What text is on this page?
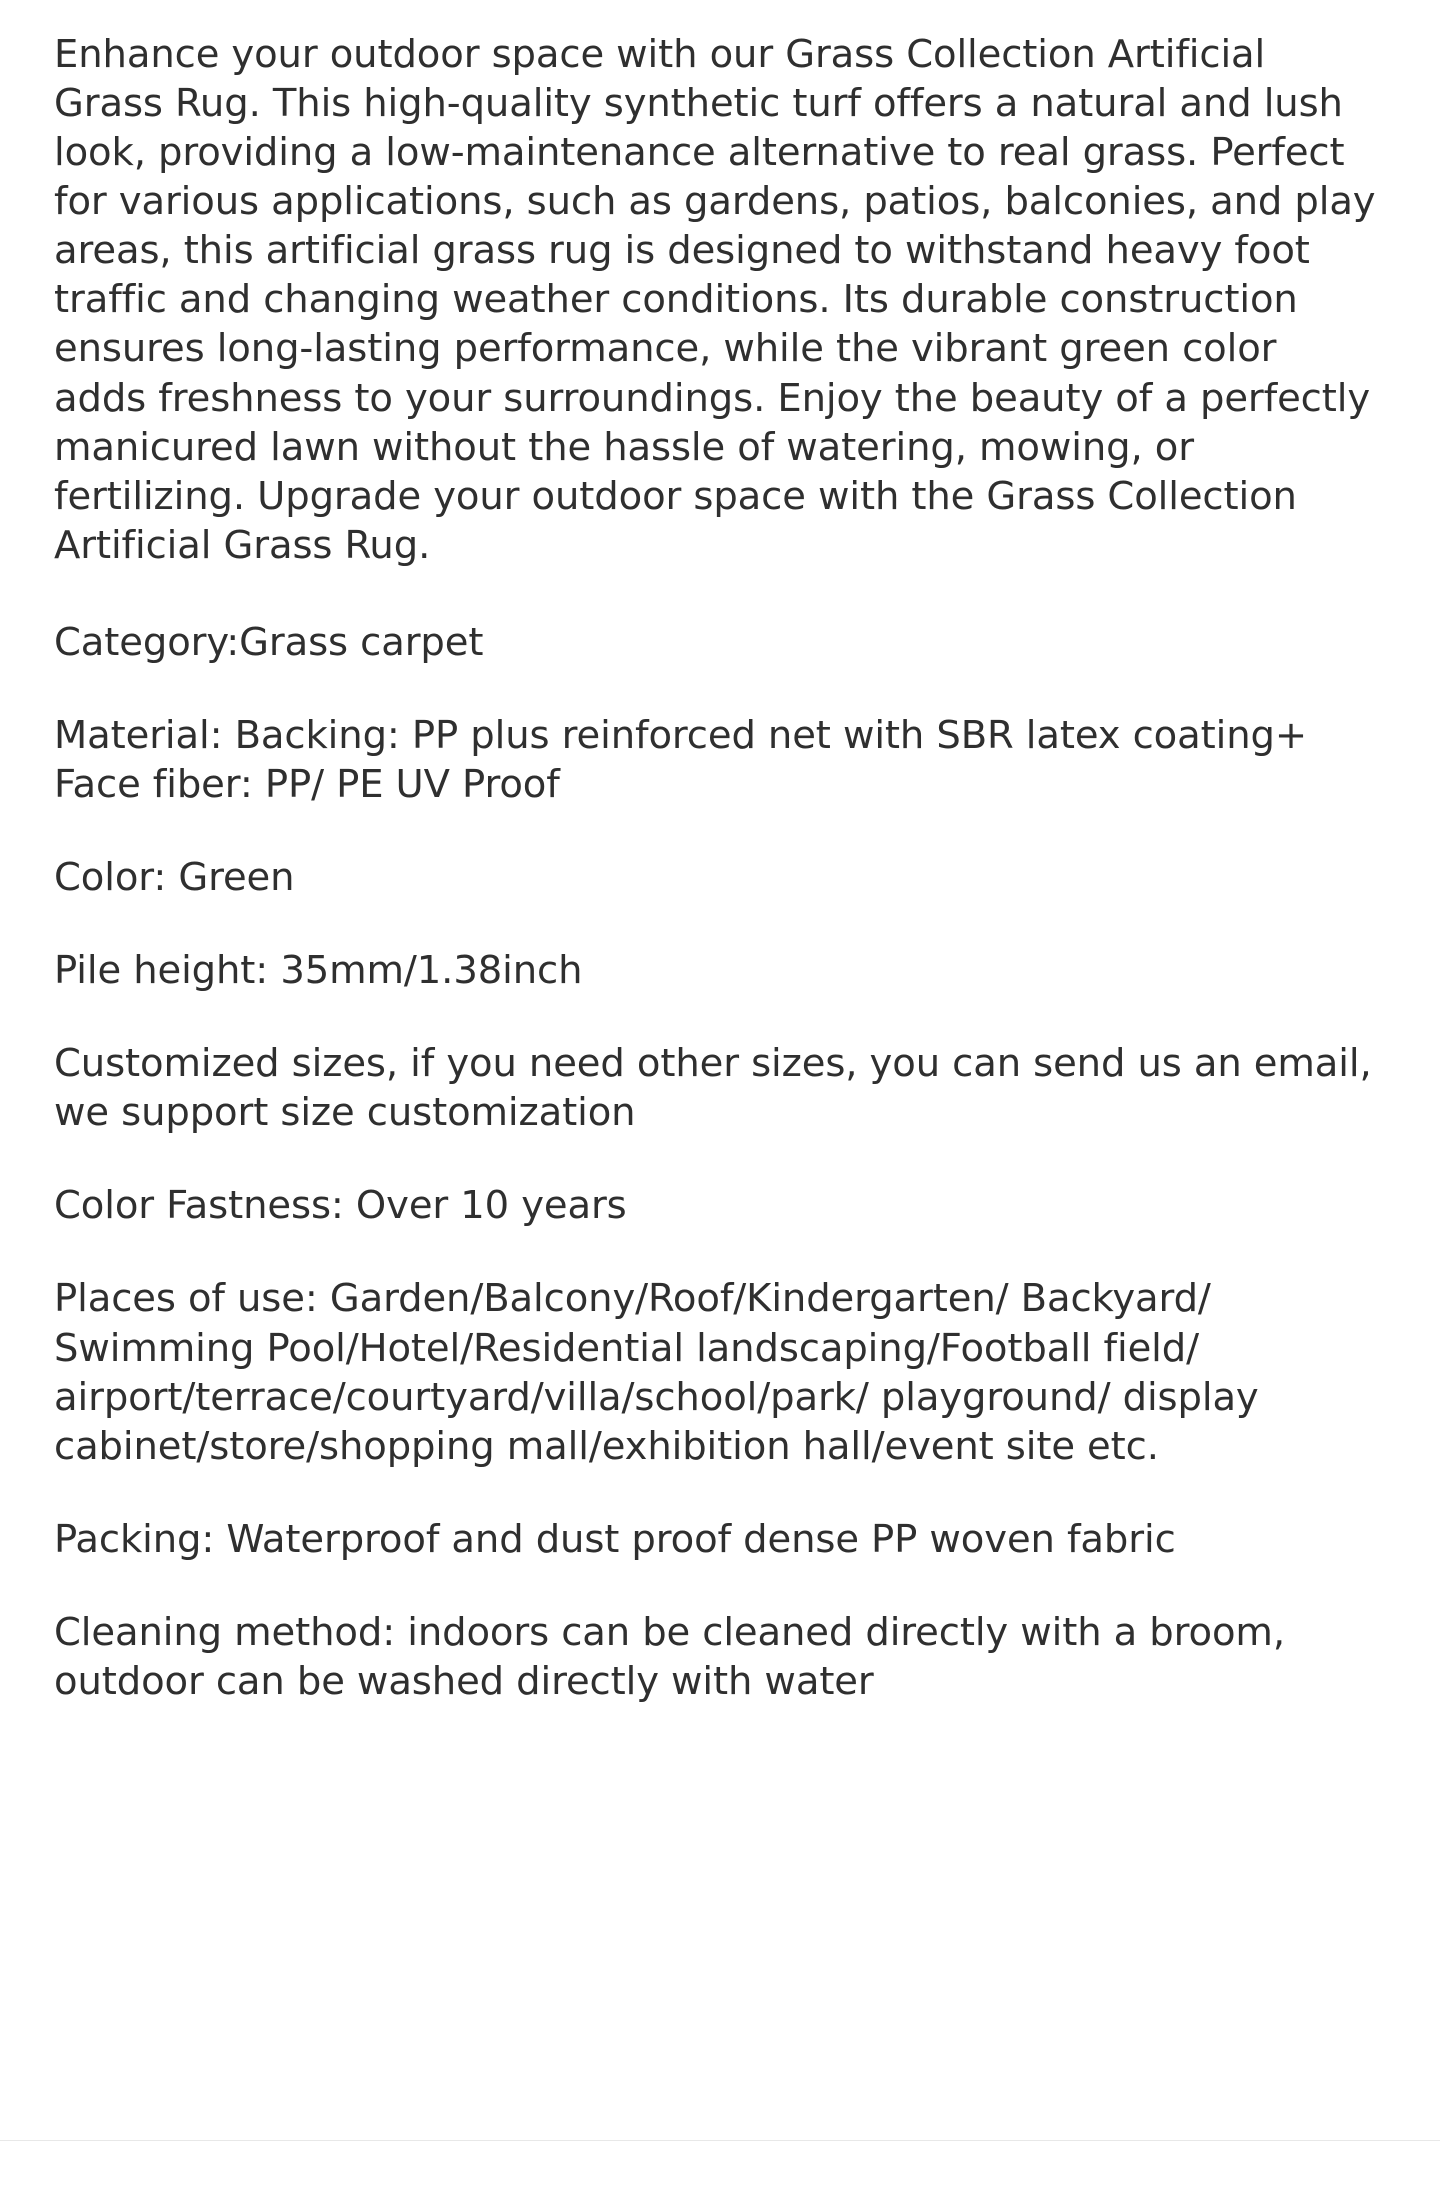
Enhance your outdoor space with our Grass Collection Artificial Grass Rug. This high-quality synthetic turf offers a natural and lush look, providing a low-maintenance alternative to real grass. Perfect for various applications, such as gardens, patios, balconies, and play areas, this artificial grass rug is designed to withstand heavy foot traffic and changing weather conditions. Its durable construction ensures long-lasting performance, while the vibrant green color adds freshness to your surroundings. Enjoy the beauty of a perfectly manicured lawn without the hassle of watering, mowing, or fertilizing. Upgrade your outdoor space with the Grass Collection Artificial Grass Rug.

Category:Grass carpet

Material: Backing: PP plus reinforced net with SBR latex coating+ Face fiber: PP/ PE UV Proof

Color: Green

Pile height: 35mm/1.38inch

Customized sizes, if you need other sizes, you can send us an email, we support size customization

Color Fastness: Over 10 years

Places of use: Garden/Balcony/Roof/Kindergarten/ Backyard/ Swimming Pool/Hotel/Residential landscaping/Football field/ airport/terrace/courtyard/villa/school/park/ playground/ display cabinet/store/shopping mall/exhibition hall/event site etc.

Packing: Waterproof and dust proof dense PP woven fabric

Cleaning method: indoors can be cleaned directly with a broom, outdoor can be washed directly with water
